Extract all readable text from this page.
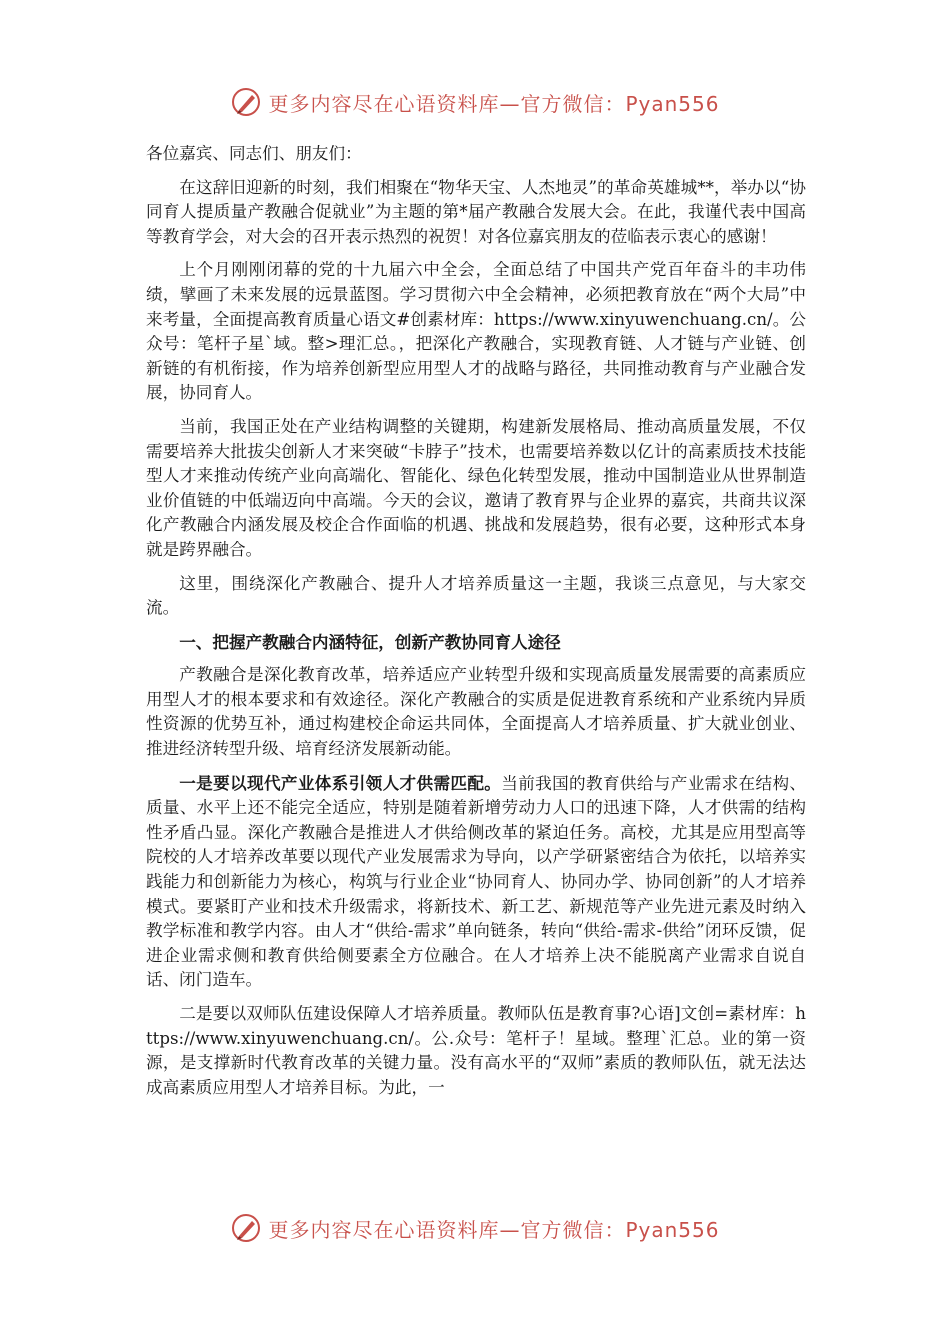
更多内容尽在心语资料库—官方微信：Pyan556

各位嘉宾、同志们、朋友们：

在这辞旧迎新的时刻，我们相聚在“物华天宝、人杰地灵”的革命英雄城**，举办以“协同育人提质量产教融合促就业”为主题的第*届产教融合发展大会。在此，我谨代表中国高等教育学会，对大会的召开表示热烈的祝贺！对各位嘉宾朋友的莅临表示衷心的感谢！

上个月刚刚闭幕的党的十九届六中全会，全面总结了中国共产党百年奋斗的丰功伟绩，擘画了未来发展的远景蓝图。学习贯彻六中全会精神，必须把教育放在“两个大局”中来考量，全面提高教育质量心语文#创素材库：https://www.xinyuwenchuang.cn/。公众号：笔杆子星`域。整>理汇总。，把深化产教融合，实现教育链、人才链与产业链、创新链的有机衔接，作为培养创新型应用型人才的战略与路径，共同推动教育与产业融合发展，协同育人。

当前，我国正处在产业结构调整的关键期，构建新发展格局、推动高质量发展，不仅需要培养大批拔尖创新人才来突破“卡脖子”技术，也需要培养数以亿计的高素质技术技能型人才来推动传统产业向高端化、智能化、绿色化转型发展，推动中国制造业从世界制造业价值链的中低端迈向中高端。今天的会议，邀请了教育界与企业界的嘉宾，共商共议深化产教融合内涵发展及校企合作面临的机遇、挑战和发展趋势，很有必要，这种形式本身就是跨界融合。

这里，围绕深化产教融合、提升人才培养质量这一主题，我谈三点意见，与大家交流。

一、把握产教融合内涵特征，创新产教协同育人途径

产教融合是深化教育改革，培养适应产业转型升级和实现高质量发展需要的高素质应用型人才的根本要求和有效途径。深化产教融合的实质是促进教育系统和产业系统内异质性资源的优势互补，通过构建校企命运共同体，全面提高人才培养质量、扩大就业创业、推进经济转型升级、培育经济发展新动能。

一是要以现代产业体系引领人才供需匹配。当前我国的教育供给与产业需求在结构、质量、水平上还不能完全适应，特别是随着新增劳动力人口的迅速下降，人才供需的结构性矛盾凸显。深化产教融合是推进人才供给侧改革的紧迫任务。高校，尤其是应用型高等院校的人才培养改革要以现代产业发展需求为导向，以产学研紧密结合为依托，以培养实践能力和创新能力为核心，构筑与行业企业“协同育人、协同办学、协同创新”的人才培养模式。要紧盯产业和技术升级需求，将新技术、新工艺、新规范等产业先进元素及时纳入教学标准和教学内容。由人才“供给-需求”单向链条，转向“供给-需求-供给”闭环反馈，促进企业需求侧和教育供给侧要素全方位融合。在人才培养上决不能脱离产业需求自说自话、闭门造车。

二是要以双师队伍建设保障人才培养质量。教师队伍是教育事?心语]文创=素材库：https://www.xinyuwenchuang.cn/。公.众号：笔杆子！星域。整理`汇总。业的第一资源，是支撑新时代教育改革的关键力量。没有高水平的“双师”素质的教师队伍，就无法达成高素质应用型人才培养目标。为此，一

更多内容尽在心语资料库—官方微信：Pyan556
